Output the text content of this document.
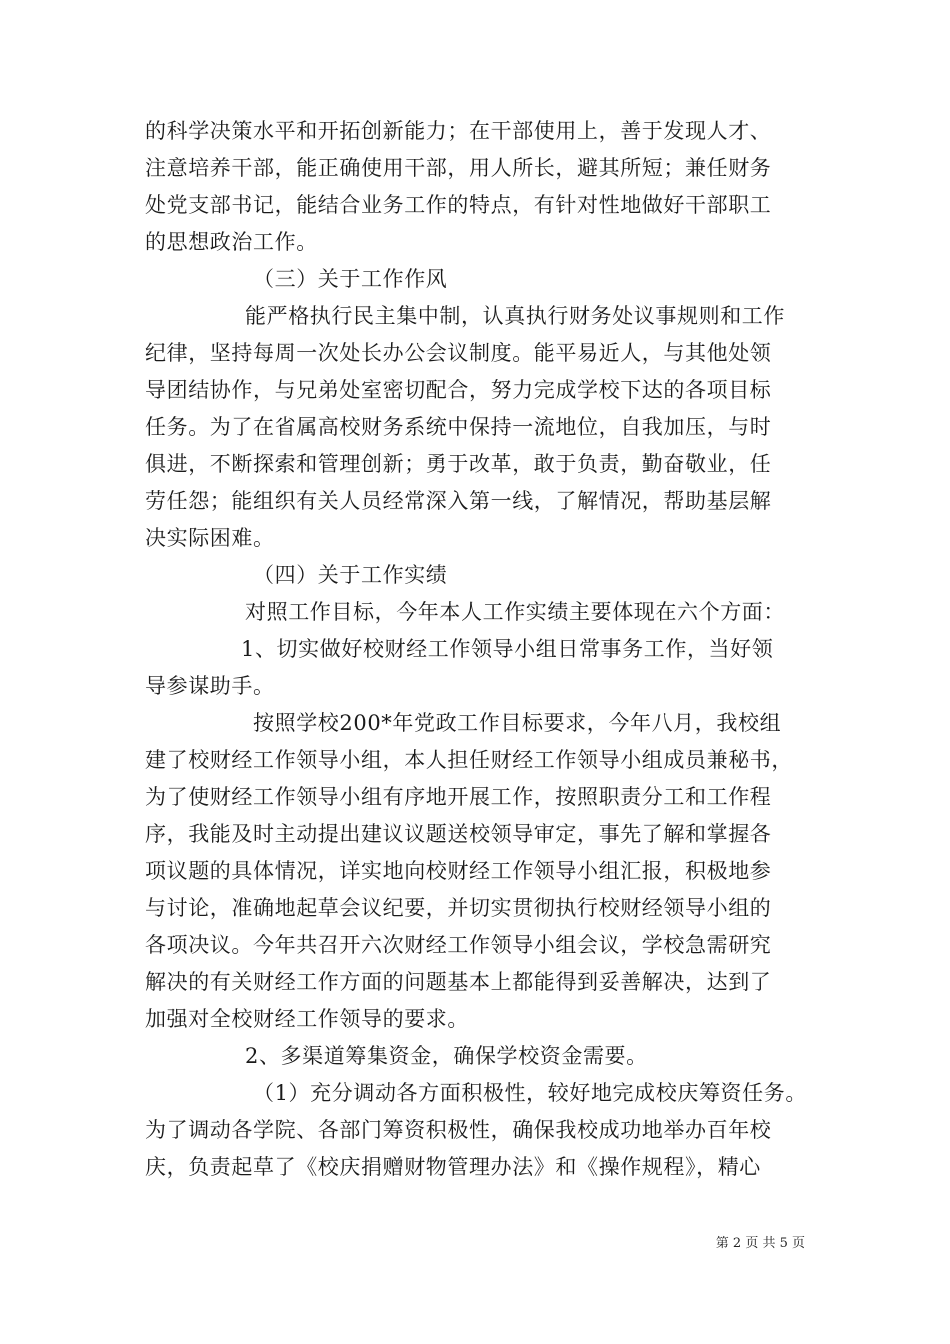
的科学决策水平和开拓创新能力；在干部使用上，善于发现人才、
注意培养干部，能正确使用干部，用人所长，避其所短；兼任财务
处党支部书记，能结合业务工作的特点，有针对性地做好干部职工
的思想政治工作。
（三）关于工作作风
能严格执行民主集中制，认真执行财务处议事规则和工作
纪律，坚持每周一次处长办公会议制度。能平易近人，与其他处领
导团结协作，与兄弟处室密切配合，努力完成学校下达的各项目标
任务。为了在省属高校财务系统中保持一流地位，自我加压，与时
俱进，不断探索和管理创新；勇于改革，敢于负责，勤奋敬业，任
劳任怨；能组织有关人员经常深入第一线，了解情况，帮助基层解
决实际困难。
（四）关于工作实绩
对照工作目标，今年本人工作实绩主要体现在六个方面：
1、切实做好校财经工作领导小组日常事务工作，当好领
导参谋助手。
按照学校200*年党政工作目标要求，今年八月，我校组
建了校财经工作领导小组，本人担任财经工作领导小组成员兼秘书，
为了使财经工作领导小组有序地开展工作，按照职责分工和工作程
序，我能及时主动提出建议议题送校领导审定，事先了解和掌握各
项议题的具体情况，详实地向校财经工作领导小组汇报，积极地参
与讨论，准确地起草会议纪要，并切实贯彻执行校财经领导小组的
各项决议。今年共召开六次财经工作领导小组会议，学校急需研究
解决的有关财经工作方面的问题基本上都能得到妥善解决，达到了
加强对全校财经工作领导的要求。
2、多渠道筹集资金，确保学校资金需要。
（1）充分调动各方面积极性，较好地完成校庆筹资任务。
为了调动各学院、各部门筹资积极性，确保我校成功地举办百年校
庆，负责起草了《校庆捐赠财物管理办法》和《操作规程》，精心
第 2 页 共 5 页
